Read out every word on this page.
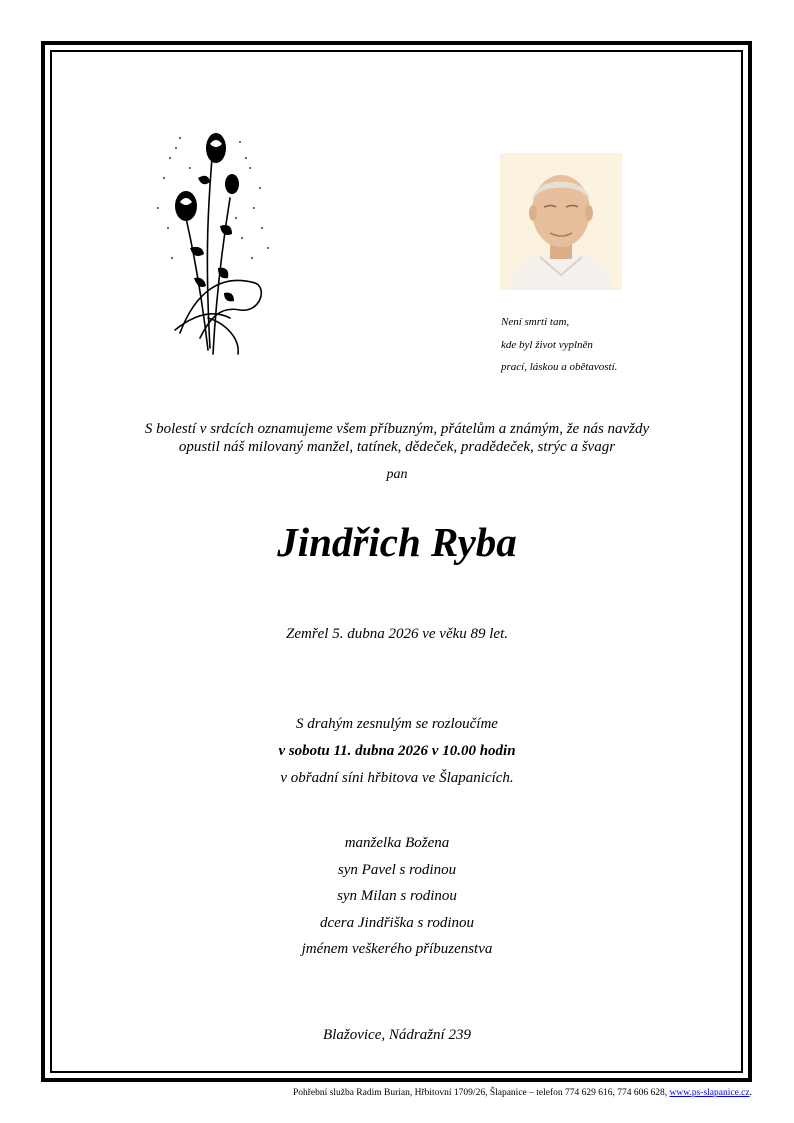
Není smrti tam,
kde byl život vyplněn
prací, láskou a obětavostí.
S bolestí v srdcích oznamujeme všem příbuzným, přátelům a známým, že nás navždy
opustil náš milovaný manžel, tatínek, dědeček, pradědeček, strýc a švagr
pan
Jindřich Ryba
Zemřel 5. dubna 2026 ve věku 89 let.
S drahým zesnulým se rozloučíme
v sobotu 11. dubna 2026 v 10.00 hodin
v obřadní síni hřbitova ve Šlapanicích.
manželka Božena
syn Pavel s rodinou
syn Milan s rodinou
dcera Jindřiška s rodinou
jménem veškerého příbuzenstva
Blažovice, Nádražní 239
Pohřební služba Radim Burian, Hřbitovní 1709/26, Šlapanice – telefon 774 629 616, 774 606 628, www.ps-slapanice.cz.
